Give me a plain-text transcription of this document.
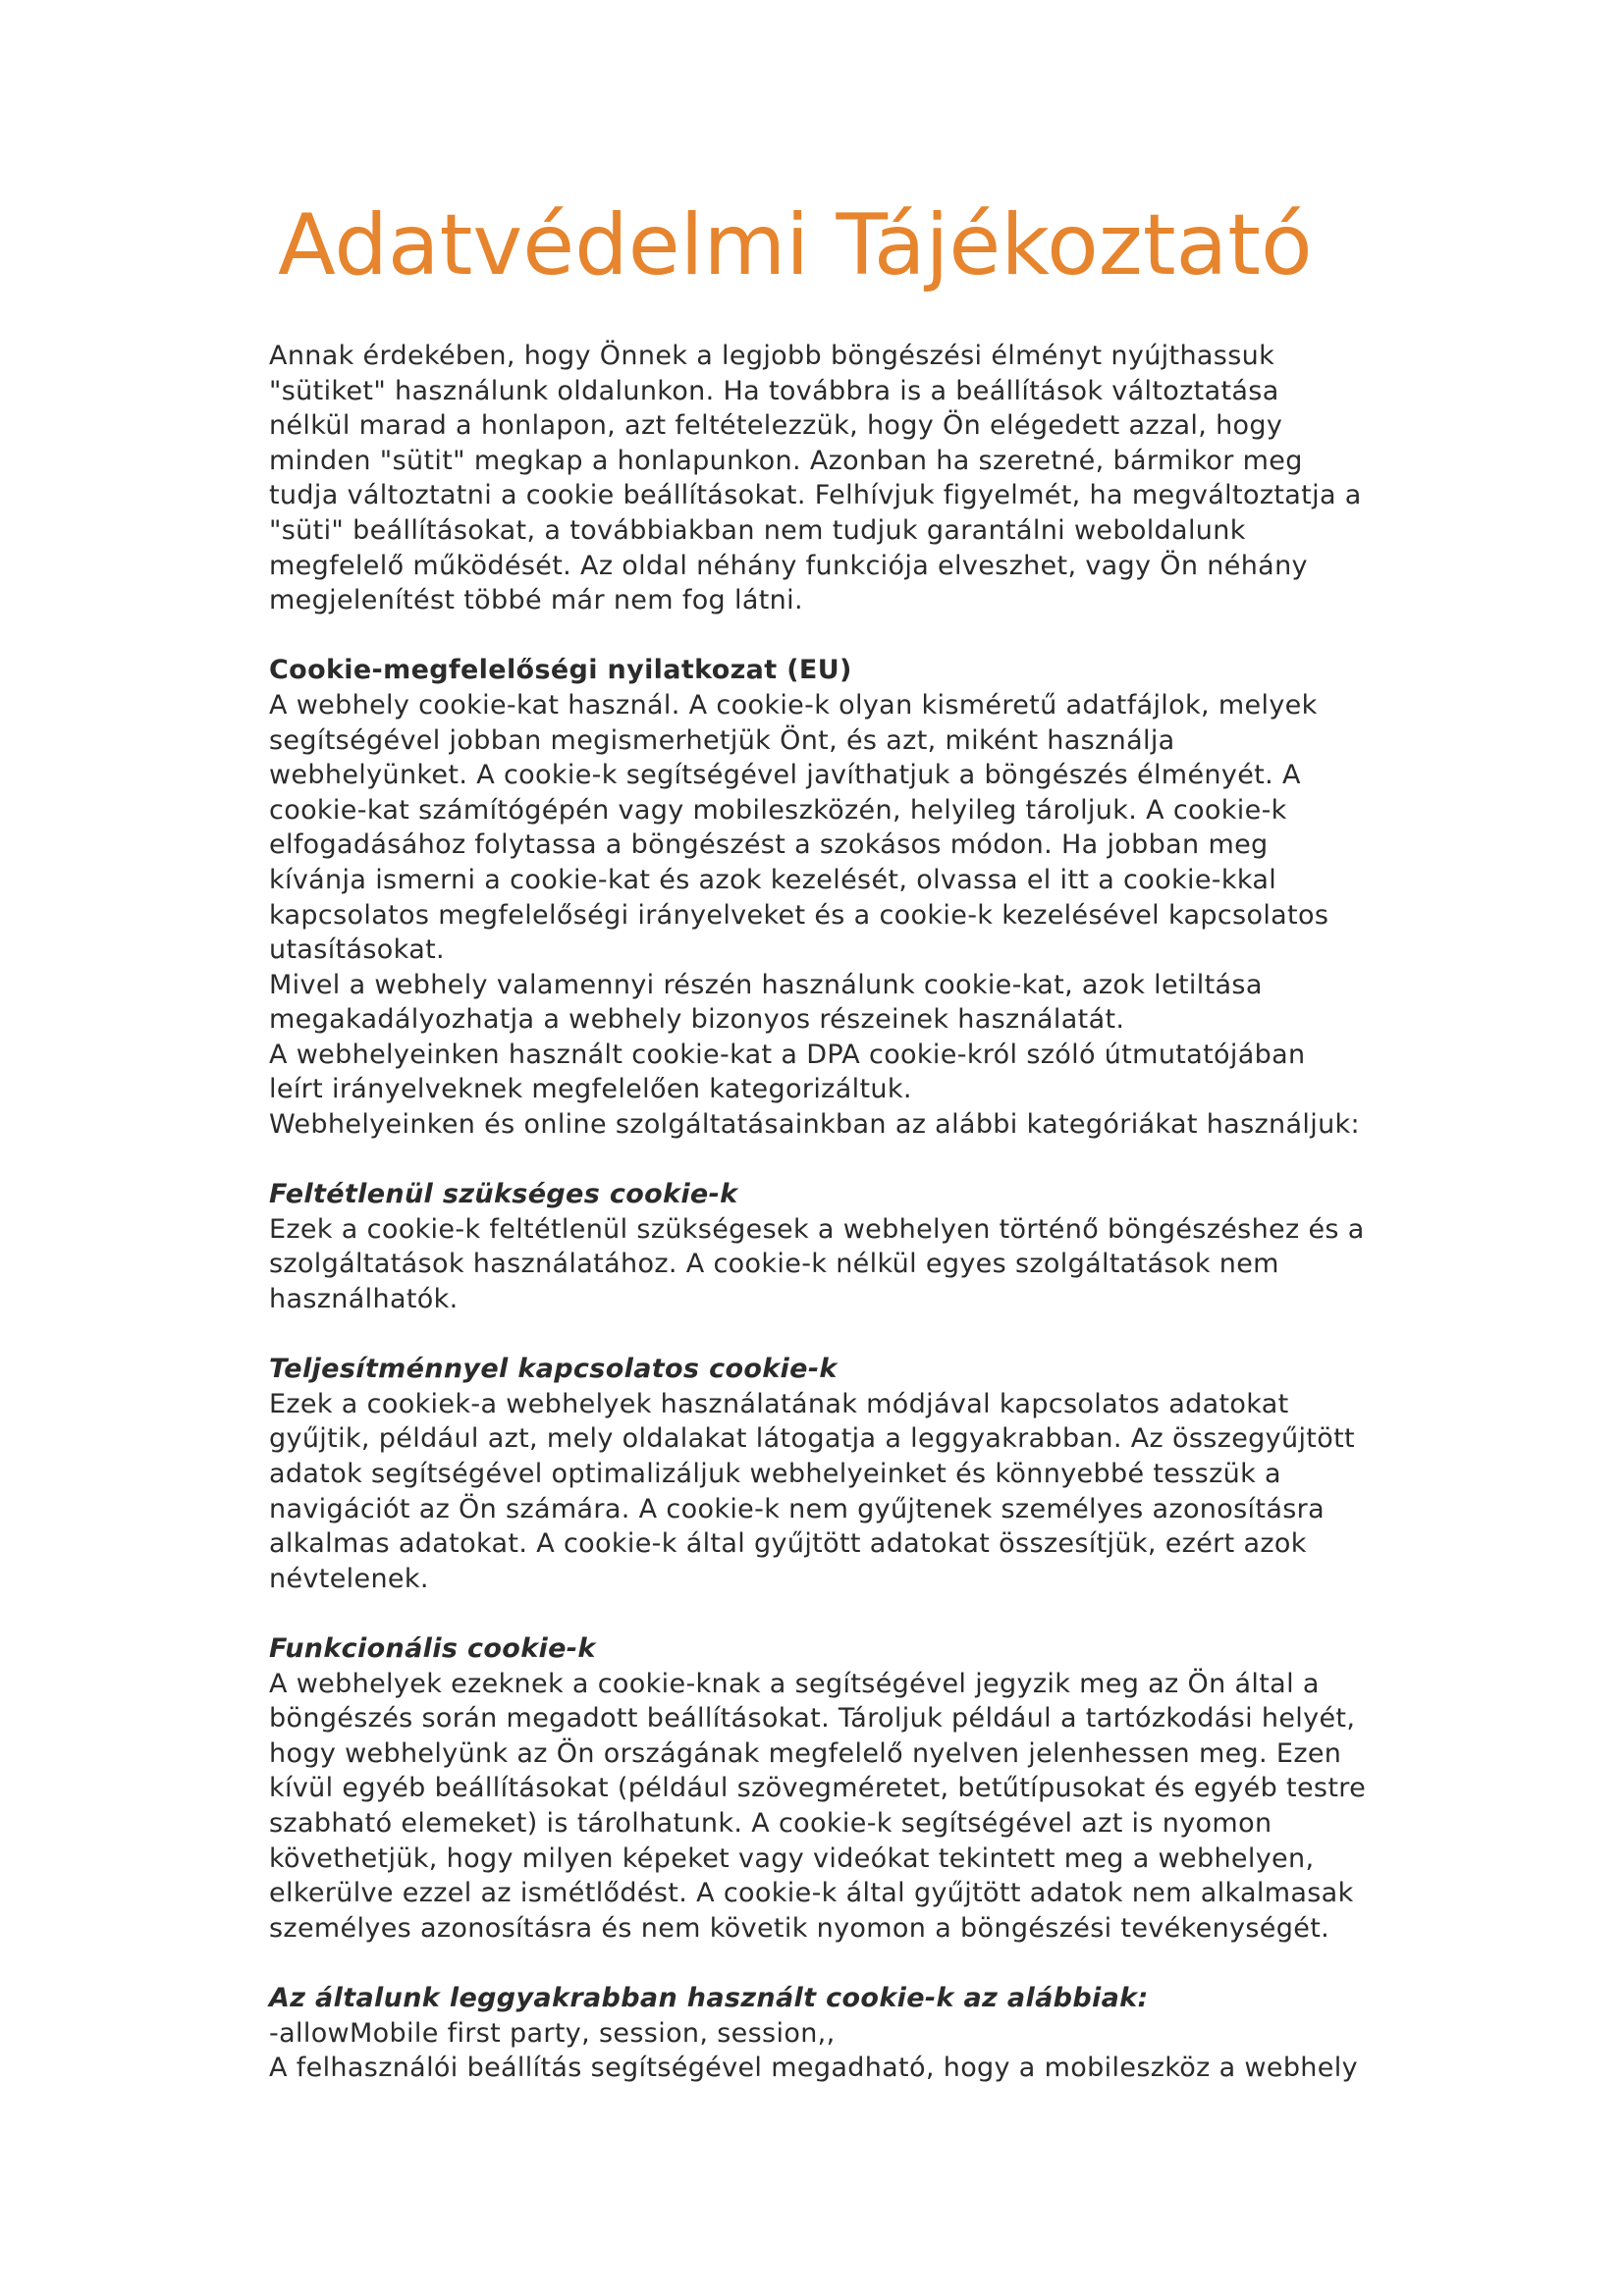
Adatvédelmi Tájékoztató
Annak érdekében, hogy Önnek a legjobb böngészési élményt nyújthassuk
"sütiket" használunk oldalunkon. Ha továbbra is a beállítások változtatása
nélkül marad a honlapon, azt feltételezzük, hogy Ön elégedett azzal, hogy
minden "sütit" megkap a honlapunkon. Azonban ha szeretné, bármikor meg
tudja változtatni a cookie beállításokat. Felhívjuk figyelmét, ha megváltoztatja a
"süti" beállításokat, a továbbiakban nem tudjuk garantálni weboldalunk
megfelelő működését. Az oldal néhány funkciója elveszhet, vagy Ön néhány
megjelenítést többé már nem fog látni.
Cookie-megfelelőségi nyilatkozat (EU)
A webhely cookie-kat használ. A cookie-k olyan kisméretű adatfájlok, melyek
segítségével jobban megismerhetjük Önt, és azt, miként használja
webhelyünket. A cookie-k segítségével javíthatjuk a böngészés élményét. A
cookie-kat számítógépén vagy mobileszközén, helyileg tároljuk. A cookie-k
elfogadásához folytassa a böngészést a szokásos módon. Ha jobban meg
kívánja ismerni a cookie-kat és azok kezelését, olvassa el itt a cookie-kkal
kapcsolatos megfelelőségi irányelveket és a cookie-k kezelésével kapcsolatos
utasításokat.
Mivel a webhely valamennyi részén használunk cookie-kat, azok letiltása
megakadályozhatja a webhely bizonyos részeinek használatát.
A webhelyeinken használt cookie-kat a DPA cookie-król szóló útmutatójában
leírt irányelveknek megfelelően kategorizáltuk.
Webhelyeinken és online szolgáltatásainkban az alábbi kategóriákat használjuk:
Feltétlenül szükséges cookie-k
Ezek a cookie-k feltétlenül szükségesek a webhelyen történő böngészéshez és a
szolgáltatások használatához. A cookie-k nélkül egyes szolgáltatások nem
használhatók.
Teljesítménnyel kapcsolatos cookie-k
Ezek a cookiek-a webhelyek használatának módjával kapcsolatos adatokat
gyűjtik, például azt, mely oldalakat látogatja a leggyakrabban. Az összegyűjtött
adatok segítségével optimalizáljuk webhelyeinket és könnyebbé tesszük a
navigációt az Ön számára. A cookie-k nem gyűjtenek személyes azonosításra
alkalmas adatokat. A cookie-k által gyűjtött adatokat összesítjük, ezért azok
névtelenek.
Funkcionális cookie-k
A webhelyek ezeknek a cookie-knak a segítségével jegyzik meg az Ön által a
böngészés során megadott beállításokat. Tároljuk például a tartózkodási helyét,
hogy webhelyünk az Ön országának megfelelő nyelven jelenhessen meg. Ezen
kívül egyéb beállításokat (például szövegméretet, betűtípusokat és egyéb testre
szabható elemeket) is tárolhatunk. A cookie-k segítségével azt is nyomon
követhetjük, hogy milyen képeket vagy videókat tekintett meg a webhelyen,
elkerülve ezzel az ismétlődést. A cookie-k által gyűjtött adatok nem alkalmasak
személyes azonosításra és nem követik nyomon a böngészési tevékenységét.
Az általunk leggyakrabban használt cookie-k az alábbiak:
-allowMobile first party, session, session,,
A felhasználói beállítás segítségével megadható, hogy a mobileszköz a webhely
